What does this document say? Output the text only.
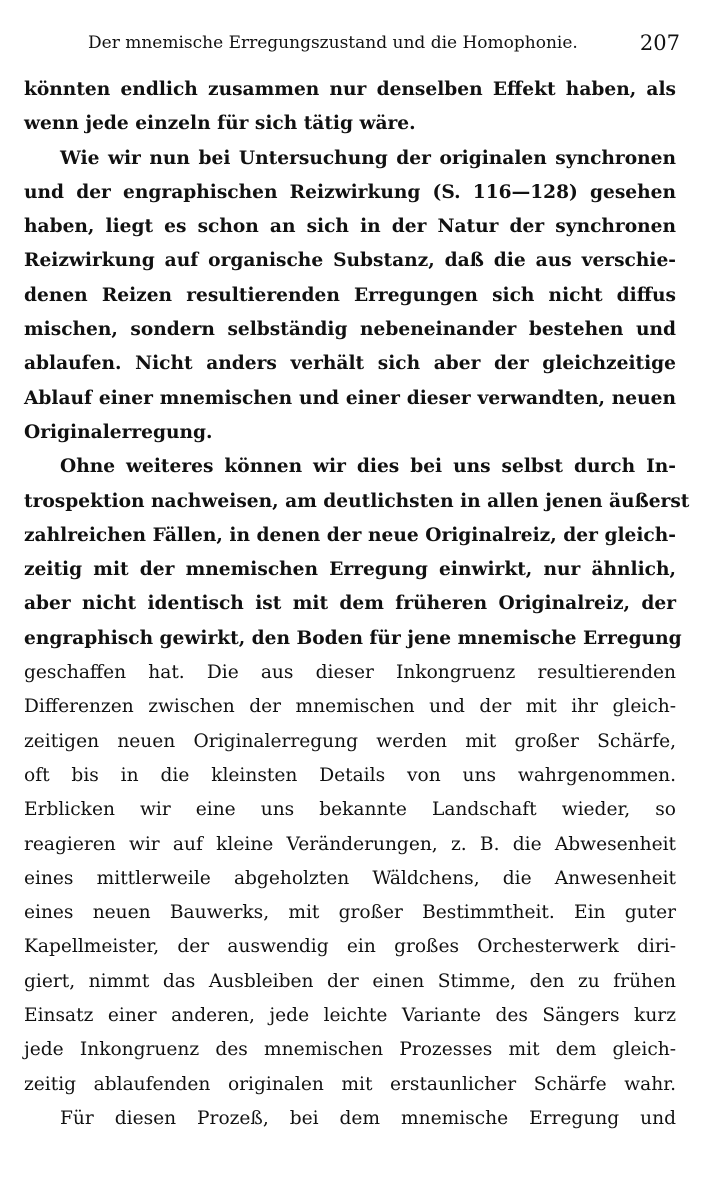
Der mnemische Erregungszustand und die Homophonie.	207
könnten endlich zusammen nur denselben Effekt haben, als
wenn jede einzeln für sich tätig wäre.
Wie wir nun bei Untersuchung der originalen synchronen
und der engraphischen Reizwirkung (S. 116—128) gesehen
haben, liegt es schon an sich in der Natur der synchronen
Reizwirkung auf organische Substanz, daß die aus verschie-
denen Reizen resultierenden Erregungen sich nicht diffus
mischen, sondern selbständig nebeneinander bestehen und
ablaufen. Nicht anders verhält sich aber der gleichzeitige
Ablauf einer mnemischen und einer dieser verwandten, neuen
Originalerregung.
Ohne weiteres können wir dies bei uns selbst durch In-
trospektion nachweisen, am deutlichsten in allen jenen äußerst
zahlreichen Fällen, in denen der neue Originalreiz, der gleich-
zeitig mit der mnemischen Erregung einwirkt, nur ähnlich,
aber nicht identisch ist mit dem früheren Originalreiz, der
engraphisch gewirkt, den Boden für jene mnemische Erregung
geschaffen hat. Die aus dieser Inkongruenz resultierenden
Differenzen zwischen der mnemischen und der mit ihr gleich-
zeitigen neuen Originalerregung werden mit großer Schärfe,
oft bis in die kleinsten Details von uns wahrgenommen.
Erblicken wir eine uns bekannte Landschaft wieder, so
reagieren wir auf kleine Veränderungen, z. B. die Abwesenheit
eines mittlerweile abgeholzten Wäldchens, die Anwesenheit
eines neuen Bauwerks, mit großer Bestimmtheit. Ein guter
Kapellmeister, der auswendig ein großes Orchesterwerk diri-
giert, nimmt das Ausbleiben der einen Stimme, den zu frühen
Einsatz einer anderen, jede leichte Variante des Sängers kurz
jede Inkongruenz des mnemischen Prozesses mit dem gleich-
zeitig ablaufenden originalen mit erstaunlicher Schärfe wahr.
Für diesen Prozeß, bei dem mnemische Erregung und
